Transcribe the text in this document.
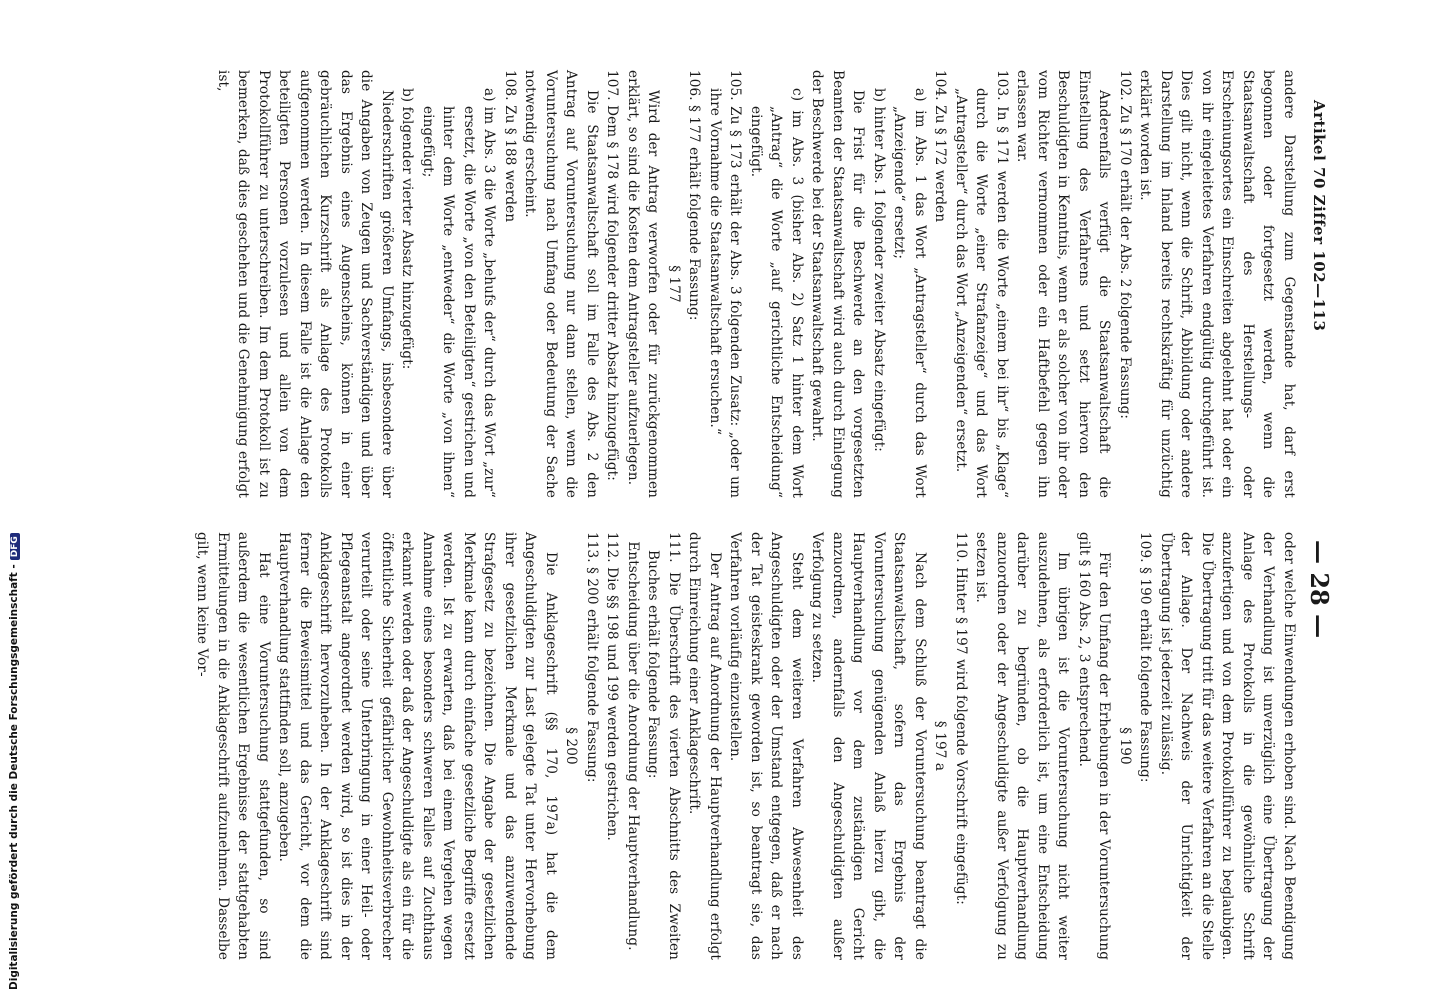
Artikel 70 Ziffer 102—113
— 28 —

andere Darstellung zum Gegenstande hat, darf erst begonnen oder fortgesetzt werden, wenn die Staatsanwaltschaft des Herstellungs- oder Erscheinungsortes ein Einschreiten abgelehnt hat oder ein von ihr eingeleitetes Verfahren endgültig durchgeführt ist. Dies gilt nicht, wenn die Schrift, Abbildung oder andere Darstellung im Inland bereits rechtskräftig für unzüchtig erklärt worden ist.

102. Zu § 170 erhält der Abs. 2 folgende Fassung:

Anderenfalls verfügt die Staatsanwaltschaft die Einstellung des Verfahrens und setzt hiervon den Beschuldigten in Kenntnis, wenn er als solcher von ihr oder vom Richter vernommen oder ein Haftbefehl gegen ihn erlassen war.

103. In § 171 werden die Worte „einem bei ihr“ bis „Klage“ durch die Worte „einer Strafanzeige“ und das Wort „Antragsteller“ durch das Wort „Anzeigenden“ ersetzt.

104. Zu § 172 werden

a) im Abs. 1 das Wort „Antragsteller“ durch das Wort „Anzeigende“ ersetzt;

b) hinter Abs. 1 folgender zweiter Absatz eingefügt:

Die Frist für die Beschwerde an den vorgesetzten Beamten der Staatsanwaltschaft wird auch durch Einlegung der Beschwerde bei der Staatsanwaltschaft gewahrt.

c) im Abs. 3 (bisher Abs. 2) Satz 1 hinter dem Wort „Antrag“ die Worte „auf gerichtliche Entscheidung“ eingefügt.

105. Zu § 173 erhält der Abs. 3 folgenden Zusatz: „oder um ihre Vornahme die Staatsanwaltschaft ersuchen.“

106. § 177 erhält folgende Fassung:

§ 177

Wird der Antrag verworfen oder für zurückgenommen erklärt, so sind die Kosten dem Antragsteller aufzuerlegen.

107. Dem § 178 wird folgender dritter Absatz hinzugefügt:

Die Staatsanwaltschaft soll im Falle des Abs. 2 den Antrag auf Voruntersuchung nur dann stellen, wenn die Voruntersuchung nach Umfang oder Bedeutung der Sache notwendig erscheint.

108. Zu § 188 werden

a) im Abs. 3 die Worte „behufs der“ durch das Wort „zur“ ersetzt, die Worte „von den Beteiligten“ gestrichen und hinter dem Worte „entweder“ die Worte „von ihnen“ eingefügt;

b) folgender vierter Absatz hinzugefügt:

Niederschriften größeren Umfangs, insbesondere über die Angaben von Zeugen und Sachverständigen und über das Ergebnis eines Augenscheins, können in einer gebräuchlichen Kurzschrift als Anlage des Protokolls aufgenommen werden. In diesem Falle ist die Anlage den beteiligten Personen vorzulesen und allein von dem Protokollführer zu unterschreiben. Im dem Protokoll ist zu bemerken, daß dies geschehen und die Genehmigung erfolgt ist,

oder welche Einwendungen erhoben sind. Nach Beendigung der Verhandlung ist unverzüglich eine Übertragung der Anlage des Protokolls in die gewöhnliche Schrift anzufertigen und von dem Protokollführer zu beglaubigen. Die Übertragung tritt für das weitere Verfahren an die Stelle der Anlage. Der Nachweis der Unrichtigkeit der Übertragung ist jederzeit zulässig.

109. § 190 erhält folgende Fassung:

§ 190

Für den Umfang der Erhebungen in der Voruntersuchung gilt § 160 Abs. 2, 3 entsprechend.

Im übrigen ist die Voruntersuchung nicht weiter auszudehnen, als erforderlich ist, um eine Entscheidung darüber zu begründen, ob die Hauptverhandlung anzuordnen oder der Angeschuldigte außer Verfolgung zu setzen ist.

110. Hinter § 197 wird folgende Vorschrift eingefügt:

§ 197 a

Nach dem Schluß der Voruntersuchung beantragt die Staatsanwaltschaft, sofern das Ergebnis der Voruntersuchung genügenden Anlaß hierzu gibt, die Hauptverhandlung vor dem zuständigen Gericht anzuordnen, andernfalls den Angeschuldigten außer Verfolgung zu setzen.

Steht dem weiteren Verfahren Abwesenheit des Angeschuldigten oder der Umstand entgegen, daß er nach der Tat geisteskrank geworden ist, so beantragt sie, das Verfahren vorläufig einzustellen.

Der Antrag auf Anordnung der Hauptverhandlung erfolgt durch Einreichung einer Anklageschrift.

111. Die Überschrift des vierten Abschnitts des Zweiten Buches erhält folgende Fassung:

Entscheidung über die Anordnung der Hauptverhandlung.

112. Die §§ 198 und 199 werden gestrichen.

113. § 200 erhält folgende Fassung:

§ 200

Die Anklageschrift (§§ 170, 197a) hat die dem Angeschuldigten zur Last gelegte Tat unter Hervorhebung ihrer gesetzlichen Merkmale und das anzuwendende Strafgesetz zu bezeichnen. Die Angabe der gesetzlichen Merkmale kann durch einfache gesetzliche Begriffe ersetzt werden. Ist zu erwarten, daß bei einem Vergehen wegen Annahme eines besonders schweren Falles auf Zuchthaus erkannt werden oder daß der Angeschuldigte als ein für die öffentliche Sicherheit gefährlicher Gewohnheitsverbrecher verurteilt oder seine Unterbringung in einer Heil- oder Pflegeanstalt angeordnet werden wird, so ist dies in der Anklageschrift hervorzuheben. In der Anklageschrift sind ferner die Beweismittel und das Gericht, vor dem die Hauptverhandlung stattfinden soll, anzugeben.

Hat eine Voruntersuchung stattgefunden, so sind außerdem die wesentlichen Ergebnisse der stattgehabten Ermittelungen in die Anklageschrift aufzunehmen. Dasselbe gilt, wenn keine Vor-

Digitalisierung gefördert durch die Deutsche Forschungsgemeinschaft -DFG
